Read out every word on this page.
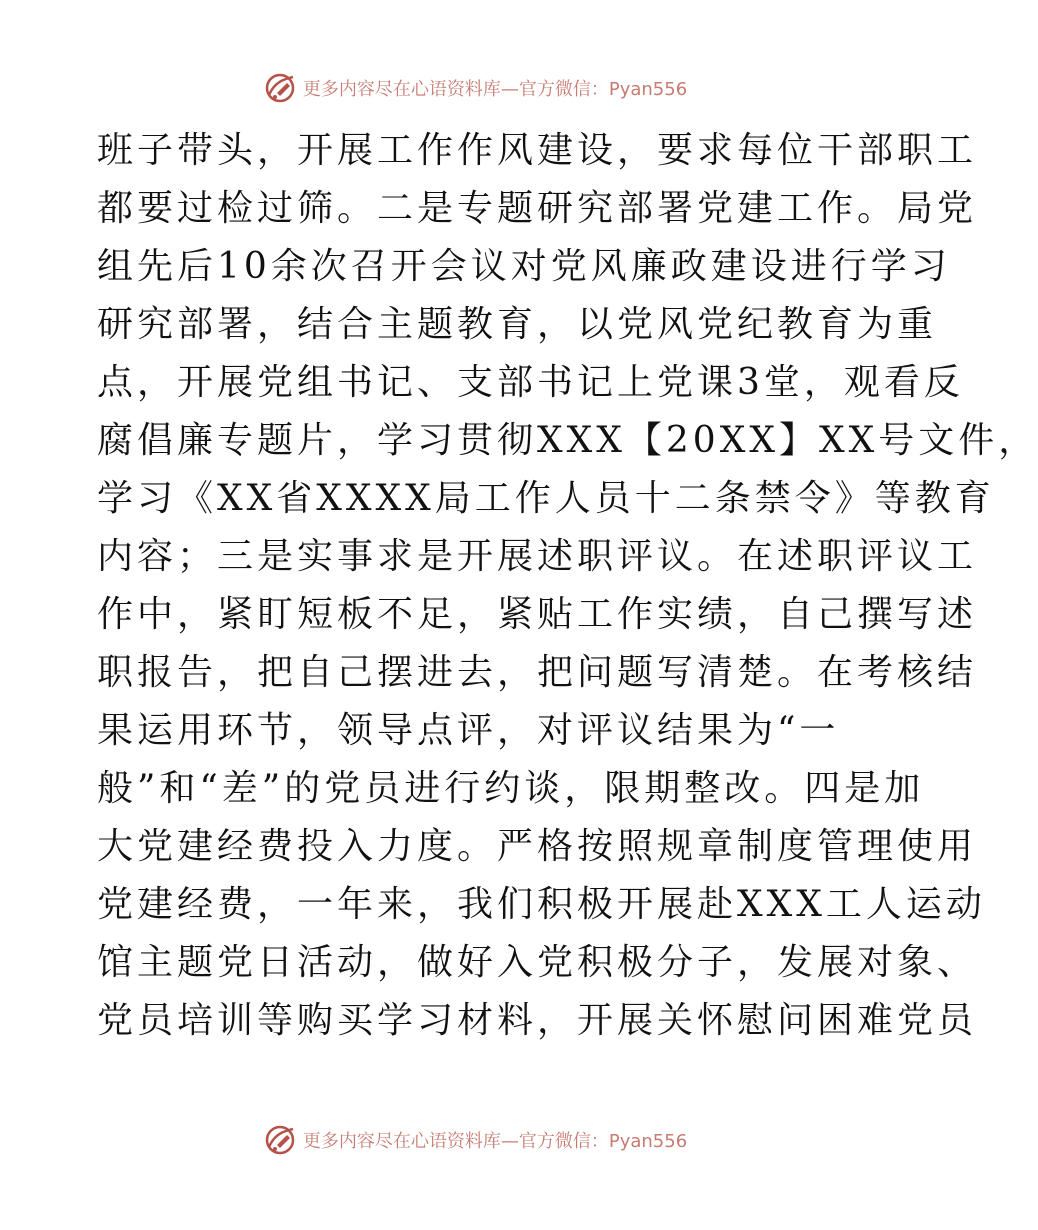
更多内容尽在心语资料库—官方微信：Pyan556
班子带头，开展工作作风建设，要求每位干部职工
都要过检过筛。二是专题研究部署党建工作。局党
组先后10余次召开会议对党风廉政建设进行学习
研究部署，结合主题教育，以党风党纪教育为重
点，开展党组书记、支部书记上党课3堂，观看反
腐倡廉专题片，学习贯彻XXX【20XX】XX号文件，
学习《XX省XXXX局工作人员十二条禁令》等教育
内容；三是实事求是开展述职评议。在述职评议工
作中，紧盯短板不足，紧贴工作实绩，自己撰写述
职报告，把自己摆进去，把问题写清楚。在考核结
果运用环节，领导点评，对评议结果为“一
般”和“差”的党员进行约谈，限期整改。四是加
大党建经费投入力度。严格按照规章制度管理使用
党建经费，一年来，我们积极开展赴XXX工人运动
馆主题党日活动，做好入党积极分子，发展对象、
党员培训等购买学习材料，开展关怀慰问困难党员
更多内容尽在心语资料库—官方微信：Pyan556
